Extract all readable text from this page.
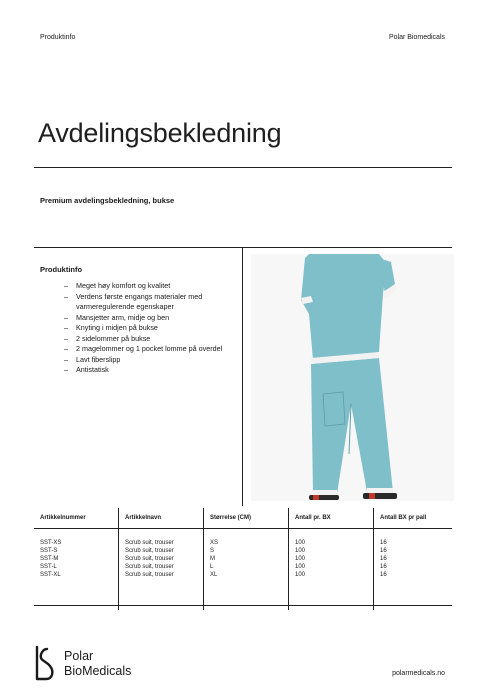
Produktinfo	Polar Biomedicals
Avdelingsbekledning
Premium avdelingsbekledning, bukse
Produktinfo
– Meget høy komfort og kvalitet
– Verdens første engangs materialer med varmeregulerende egenskaper
– Mansjetter arm, midje og ben
– Knyting i midjen på bukse
– 2 sidelommer på bukse
– 2 magelommer og 1 pocket lomme på overdel
– Lavt fiberslipp
– Antistatisk
Artikkelnummer	Artikkelnavn	Størrelse (CM)	Antall pr. BX	Antall BX pr pall

SST-XS	Scrub suit, trouser	XS	100	16
SST-S	Scrub suit, trouser	S	100	16
SST-M	Scrub suit, trouser	M	100	16
SST-L	Scrub suit, trouser	L	100	16
SST-XL	Scrub suit, trouser	XL	100	16

Polar
BioMedicals	polarmedicals.no
